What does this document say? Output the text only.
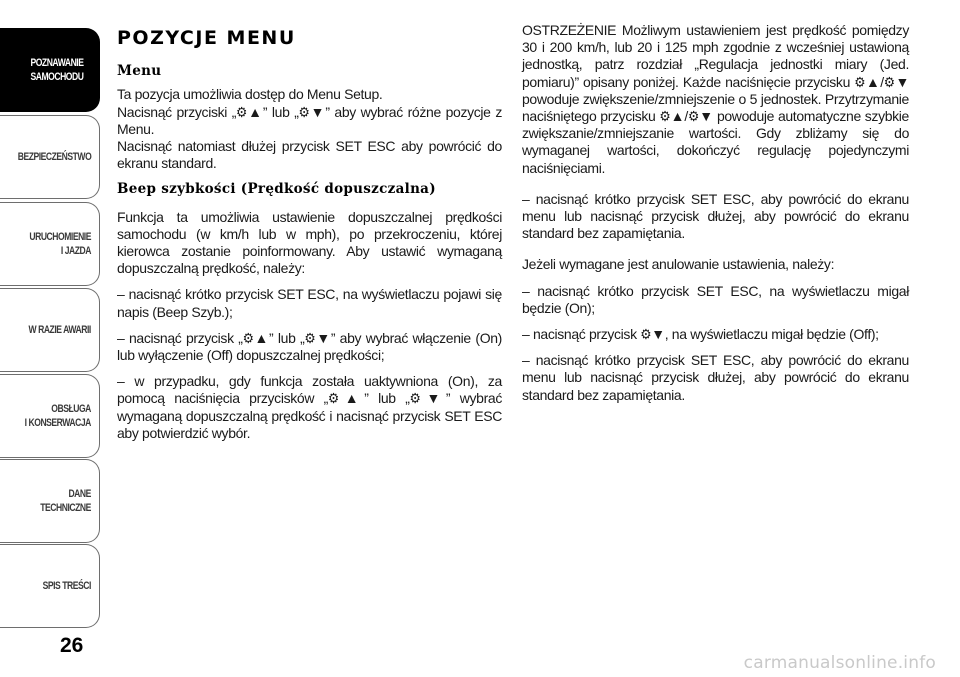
POZNAWANIE
SAMOCHODU
BEZPIECZEŃSTWO
URUCHOMIENIE
I JAZDA
W RAZIE AWARII
OBSŁUGA
I KONSERWACJA
DANE
TECHNICZNE
SPIS TREŚCI
26
POZYCJE MENU
Menu

Ta pozycja umożliwia dostęp do Menu Setup.

Nacisnąć przyciski „⚙▲” lub „⚙▼” aby wybrać różne pozycje z Menu.

Nacisnąć natomiast dłużej przycisk SET ESC aby powrócić do ekranu standard.

Beep szybkości (Prędkość dopuszczalna)

Funkcja ta umożliwia ustawienie dopuszczalnej prędkości samochodu (w km/h lub w mph), po przekroczeniu, której kierowca zostanie poinformowany. Aby ustawić wymaganą dopuszczalną prędkość, należy:

– nacisnąć krótko przycisk SET ESC, na wyświetlaczu pojawi się napis (Beep Szyb.);

– nacisnąć przycisk „⚙▲” lub „⚙▼” aby wybrać włączenie (On) lub wyłączenie (Off) dopuszczalnej prędkości;

– w przypadku, gdy funkcja została uaktywniona (On), za pomocą naciśnięcia przycisków „⚙▲” lub „⚙▼” wybrać wymaganą dopuszczalną prędkość i nacisnąć przycisk SET ESC aby potwierdzić wybór.

OSTRZEŻENIE Możliwym ustawieniem jest prędkość pomiędzy 30 i 200 km/h, lub 20 i 125 mph zgodnie z wcześniej ustawioną jednostką, patrz rozdział „Regulacja jednostki miary (Jed. pomiaru)” opisany poniżej. Każde naciśnięcie przycisku ⚙▲/⚙▼ powoduje zwiększenie/zmniejszenie o 5 jednostek. Przytrzymanie naciśniętego przycisku ⚙▲/⚙▼ powoduje automatyczne szybkie zwiększanie/zmniejszanie wartości. Gdy zbliżamy się do wymaganej wartości, dokończyć regulację pojedynczymi naciśnięciami.

– nacisnąć krótko przycisk SET ESC, aby powrócić do ekranu menu lub nacisnąć przycisk dłużej, aby powrócić do ekranu standard bez zapamiętania.

Jeżeli wymagane jest anulowanie ustawienia, należy:

– nacisnąć krótko przycisk SET ESC, na wyświetlaczu migał będzie (On);

– nacisnąć przycisk ⚙▼, na wyświetlaczu migał będzie (Off);

– nacisnąć krótko przycisk SET ESC, aby powrócić do ekranu menu lub nacisnąć przycisk dłużej, aby powrócić do ekranu standard bez zapamiętania.

carmanualsonline.info
